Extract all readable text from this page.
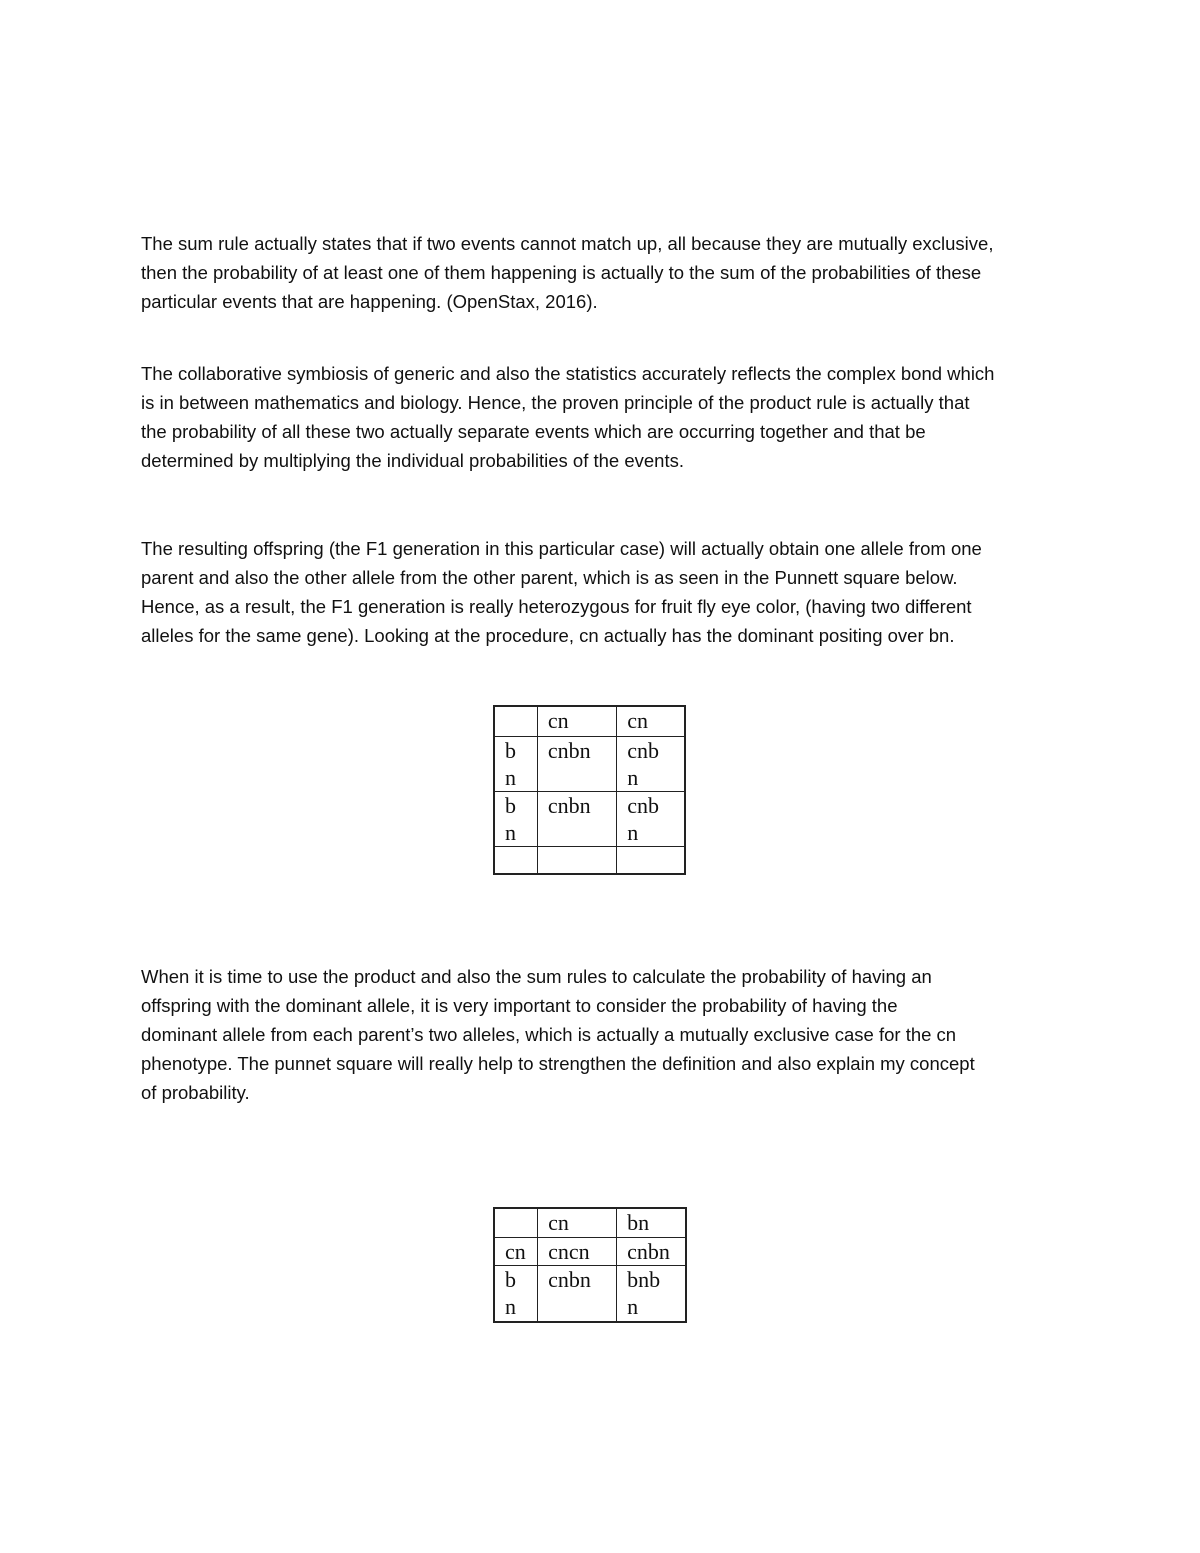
The sum rule actually states that if two events cannot match up, all because they are mutually exclusive,
then the probability of at least one of them happening is actually to the sum of the probabilities of these
particular events that are happening. (OpenStax, 2016).

The collaborative symbiosis of generic and also the statistics accurately reflects the complex bond which
is in between mathematics and biology. Hence, the proven principle of the product rule is actually that
the probability of all these two actually separate events which are occurring together and that be
determined by multiplying the individual probabilities of the events.

The resulting offspring (the F1 generation in this particular case) will actually obtain one allele from one
parent and also the other allele from the other parent, which is as seen in the Punnett square below.
Hence, as a result, the F1 generation is really heterozygous for fruit fly eye color, (having two different
alleles for the same gene). Looking at the procedure, cn actually has the dominant positing over bn.

	cn	cn

b
n	cnbn	cnb
n

b
n	cnbn	cnb
n

When it is time to use the product and also the sum rules to calculate the probability of having an
offspring with the dominant allele, it is very important to consider the probability of having the
dominant allele from each parent’s two alleles, which is actually a mutually exclusive case for the cn
phenotype. The punnet square will really help to strengthen the definition and also explain my concept
of probability.

	cn	bn
cn	cncn	cnbn

b
n	cnbn	bnb
n
